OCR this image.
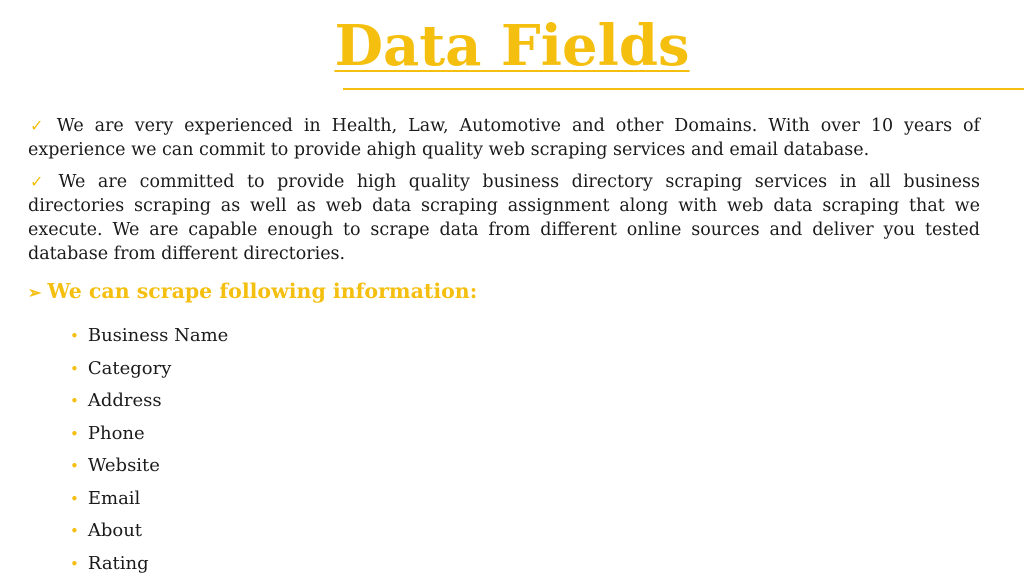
Data Fields
✓ We are very experienced in Health, Law, Automotive and other Domains. With over 10 years of experience we can commit to provide ahigh quality web scraping services and email database.
✓ We are committed to provide high quality business directory scraping services in all business directories scraping as well as web data scraping assignment along with web data scraping that we execute. We are capable enough to scrape data from different online sources and deliver you tested database from different directories.
➢ We can scrape following information:
• Business Name
• Category
• Address
• Phone
• Website
• Email
• About
• Rating
